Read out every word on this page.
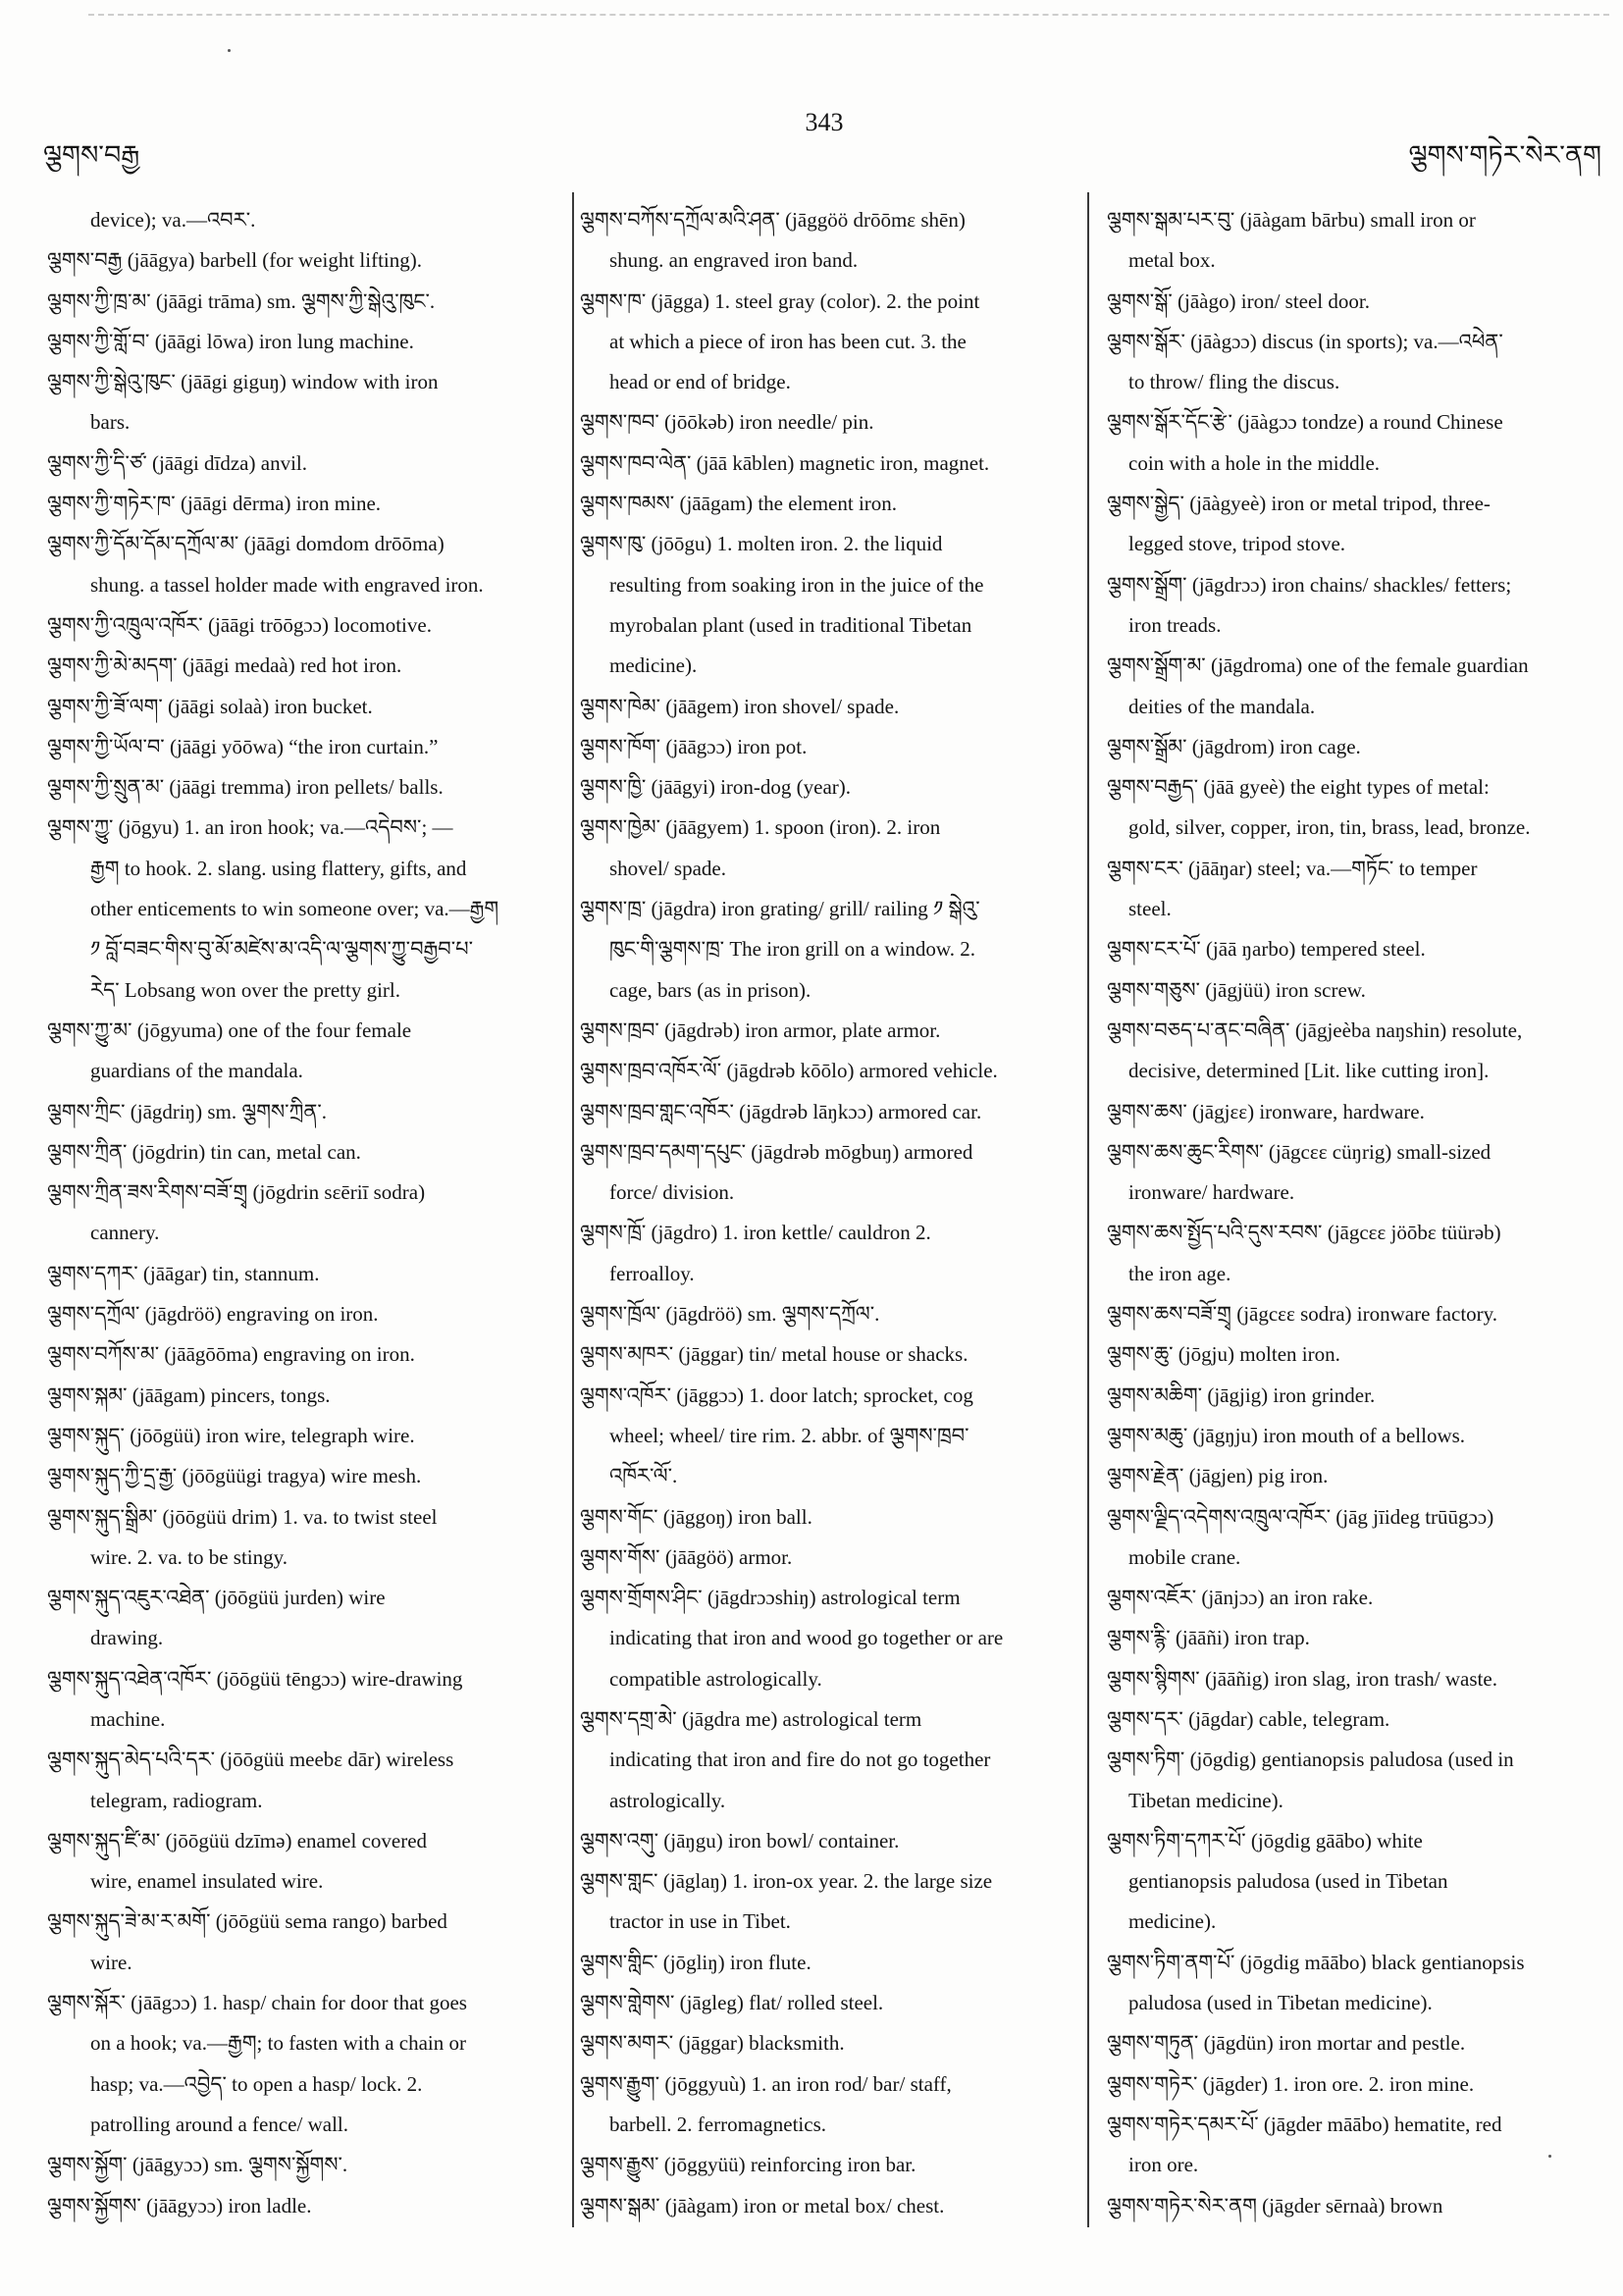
ལྕགས་བརྒྱ
343
ལྕགས་གཏེར་སེར་ནག
device); va.—འབར་.
ལྕགས་བརྒྱ (jāāgya) barbell (for weight lifting).
ལྕགས་ཀྱི་ཁྲ་མ་ (jāāgi trāma) sm. ལྕགས་ཀྱི་སྒེའུ་ཁུང་.
ལྕགས་ཀྱི་གློ་བ་ (jāāgi lōwa) iron lung machine.
ལྕགས་ཀྱི་སྒེའུ་ཁུང་ (jāāgi giguŋ) window with iron
bars.
ལྕགས་ཀྱི་དི་ཙ་ (jāāgi dīdza) anvil.
ལྕགས་ཀྱི་གཏེར་ཁ་ (jāāgi dērma) iron mine.
ལྕགས་ཀྱི་དོམ་དོམ་དཀྲོལ་མ་ (jāāgi domdom drōōma)
shung. a tassel holder made with engraved iron.
ལྕགས་ཀྱི་འཁྲུལ་འཁོར་ (jāāgi trōōgɔɔ) locomotive.
ལྕགས་ཀྱི་མེ་མདག་ (jāāgi medaà) red hot iron.
ལྕགས་ཀྱི་ཟོ་ལག་ (jāāgi solaà) iron bucket.
ལྕགས་ཀྱི་ཡོལ་བ་ (jāāgi yōōwa) “the iron curtain.”
ལྕགས་ཀྱི་སྲུན་མ་ (jāāgi tremma) iron pellets/ balls.
ལྕགས་ཀྱུ་ (jōgyu) 1. an iron hook; va.—འདེབས་; —
རྒྱག to hook. 2. slang. using flattery, gifts, and
other enticements to win someone over; va.—རྒྱག
༡ བློ་བཟང་གིས་བུ་མོ་མཛེས་མ་འདི་ལ་ལྕགས་ཀྱུ་བརྒྱབ་པ་
རེད་ Lobsang won over the pretty girl.
ལྕགས་ཀྱུ་མ་ (jōgyuma) one of the four female
guardians of the mandala.
ལྕགས་ཀྲིང་ (jāgdriŋ) sm. ལྕགས་ཀྲིན་.
ལྕགས་ཀྲིན་ (jōgdrin) tin can, metal can.
ལྕགས་ཀྲིན་ཟས་རིགས་བཟོ་གྲྭ (jōgdrin sɛēriī sodra)
cannery.
ལྕགས་དཀར་ (jāāgar) tin, stannum.
ལྕགས་དཀྲོལ་ (jāgdröö) engraving on iron.
ལྕགས་བཀོས་མ་ (jāāgōōma) engraving on iron.
ལྕགས་སྐམ་ (jāāgam) pincers, tongs.
ལྕགས་སྐུད་ (jōōgüü) iron wire, telegraph wire.
ལྕགས་སྐུད་ཀྱི་དྲ་རྒྱ་ (jōōgüügi tragya) wire mesh.
ལྕགས་སྐུད་སྒྲིམ་ (jōōgüü drim) 1. va. to twist steel
wire. 2. va. to be stingy.
ལྕགས་སྐུད་འཇུར་འཐེན་ (jōōgüü jurden) wire
drawing.
ལྕགས་སྐུད་འཐེན་འཁོར་ (jōōgüü tēngɔɔ) wire-drawing
machine.
ལྕགས་སྐུད་མེད་པའི་དར་ (jōōgüü meebɛ dār) wireless
telegram, radiogram.
ལྕགས་སྐུད་ཛི་མ་ (jōōgüü dzīmə) enamel covered
wire, enamel insulated wire.
ལྕགས་སྐུད་ཟེ་མ་ར་མགོ་ (jōōgüü sema rango) barbed
wire.
ལྕགས་སྐོར་ (jāāgɔɔ) 1. hasp/ chain for door that goes
on a hook; va.—རྒྱག; to fasten with a chain or
hasp; va.—འབྱེད་ to open a hasp/ lock. 2.
patrolling around a fence/ wall.
ལྕགས་སྐྱོག་ (jāāgyɔɔ) sm. ལྕགས་སྐྱོགས་.
ལྕགས་སྐྱོགས་ (jāāgyɔɔ) iron ladle.
ལྕགས་བཀོས་དཀྲོལ་མའི་ཤན་ (jāggöö drōōmɛ shēn)
shung. an engraved iron band.
ལྕགས་ཁ་ (jāgga) 1. steel gray (color). 2. the point
at which a piece of iron has been cut. 3. the
head or end of bridge.
ལྕགས་ཁབ་ (jōōkəb) iron needle/ pin.
ལྕགས་ཁབ་ལེན་ (jāā kāblen) magnetic iron, magnet.
ལྕགས་ཁམས་ (jāāgam) the element iron.
ལྕགས་ཁུ་ (jōōgu) 1. molten iron. 2. the liquid
resulting from soaking iron in the juice of the
myrobalan plant (used in traditional Tibetan
medicine).
ལྕགས་ཁེམ་ (jāāgem) iron shovel/ spade.
ལྕགས་ཁོག་ (jāāgɔɔ) iron pot.
ལྕགས་ཁྱི་ (jāāgyi) iron-dog (year).
ལྕགས་ཁྱེམ་ (jāāgyem) 1. spoon (iron). 2. iron
shovel/ spade.
ལྕགས་ཁྲ་ (jāgdra) iron grating/ grill/ railing ༡ སྒེའུ་
ཁུང་གི་ལྕགས་ཁྲ་ The iron grill on a window. 2.
cage, bars (as in prison).
ལྕགས་ཁྲབ་ (jāgdrəb) iron armor, plate armor.
ལྕགས་ཁྲབ་འཁོར་ལོ་ (jāgdrəb kōōlo) armored vehicle.
ལྕགས་ཁྲབ་གླང་འཁོར་ (jāgdrəb lāŋkɔɔ) armored car.
ལྕགས་ཁྲབ་དམག་དཔུང་ (jāgdrəb mōgbuŋ) armored
force/ division.
ལྕགས་ཁྲོ་ (jāgdro) 1. iron kettle/ cauldron 2.
ferroalloy.
ལྕགས་ཁྲོལ་ (jāgdröö) sm. ལྕགས་དཀྲོལ་.
ལྕགས་མཁར་ (jāggar) tin/ metal house or shacks.
ལྕགས་འཁོར་ (jāggɔɔ) 1. door latch; sprocket, cog
wheel; wheel/ tire rim. 2. abbr. of ལྕགས་ཁྲབ་
འཁོར་ལོ་.
ལྕགས་གོང་ (jāggoŋ) iron ball.
ལྕགས་གོས་ (jāāgöö) armor.
ལྕགས་གྲོགས་ཤིང་ (jāgdrɔɔshiŋ) astrological term
indicating that iron and wood go together or are
compatible astrologically.
ལྕགས་དགྲ་མེ་ (jāgdra me) astrological term
indicating that iron and fire do not go together
astrologically.
ལྕགས་འགུ་ (jāŋgu) iron bowl/ container.
ལྕགས་གླང་ (jāglaŋ) 1. iron-ox year. 2. the large size
tractor in use in Tibet.
ལྕགས་གླིང་ (jōgliŋ) iron flute.
ལྕགས་གླེགས་ (jāgleg) flat/ rolled steel.
ལྕགས་མགར་ (jāggar) blacksmith.
ལྕགས་རྒྱུག་ (jōggyuù) 1. an iron rod/ bar/ staff,
barbell. 2. ferromagnetics.
ལྕགས་རྒྱུས་ (jōggyüü) reinforcing iron bar.
ལྕགས་སྒམ་ (jāàgam) iron or metal box/ chest.
ལྕགས་སྒམ་པར་བུ་ (jāàgam bārbu) small iron or
metal box.
ལྕགས་སྒོ་ (jāàgo) iron/ steel door.
ལྕགས་སྒོར་ (jāàgɔɔ) discus (in sports); va.—འཕེན་
to throw/ fling the discus.
ལྕགས་སྒོར་དོང་རྩེ་ (jāàgɔɔ tondze) a round Chinese
coin with a hole in the middle.
ལྕགས་སྒྱེད་ (jāàgyeè) iron or metal tripod, three-
legged stove, tripod stove.
ལྕགས་སྒྲོག་ (jāgdrɔɔ) iron chains/ shackles/ fetters;
iron treads.
ལྕགས་སྒྲོག་མ་ (jāgdroma) one of the female guardian
deities of the mandala.
ལྕགས་སྒྲོམ་ (jāgdrom) iron cage.
ལྕགས་བརྒྱད་ (jāā gyeè) the eight types of metal:
gold, silver, copper, iron, tin, brass, lead, bronze.
ལྕགས་ངར་ (jāāŋar) steel; va.—གཏོང་ to temper
steel.
ལྕགས་ངར་པོ་ (jāā ŋarbo) tempered steel.
ལྕགས་གཅུས་ (jāgjüü) iron screw.
ལྕགས་བཅད་པ་ནང་བཞིན་ (jāgjeèba naŋshin) resolute,
decisive, determined [Lit. like cutting iron].
ལྕགས་ཆས་ (jāgjɛɛ) ironware, hardware.
ལྕགས་ཆས་ཆུང་རིགས་ (jāgcɛɛ cüŋrig) small-sized
ironware/ hardware.
ལྕགས་ཆས་སྤྱོད་པའི་དུས་རབས་ (jāgcɛɛ jöōbɛ tüürəb)
the iron age.
ལྕགས་ཆས་བཟོ་གྲྭ (jāgcɛɛ sodra) ironware factory.
ལྕགས་ཆུ་ (jōgju) molten iron.
ལྕགས་མཆིག་ (jāgjig) iron grinder.
ལྕགས་མཆུ་ (jāgŋju) iron mouth of a bellows.
ལྕགས་རྗེན་ (jāgjen) pig iron.
ལྕགས་ལྗིད་འདེགས་འཁྲུལ་འཁོར་ (jāg jīideg trūūgɔɔ)
mobile crane.
ལྕགས་འཇོར་ (jānjɔɔ) an iron rake.
ལྕགས་རྙི་ (jāāñi) iron trap.
ལྕགས་སྙིགས་ (jāāñig) iron slag, iron trash/ waste.
ལྕགས་དར་ (jāgdar) cable, telegram.
ལྕགས་ཏིག་ (jōgdig) gentianopsis paludosa (used in
Tibetan medicine).
ལྕགས་ཏིག་དཀར་པོ་ (jōgdig gāābo) white
gentianopsis paludosa (used in Tibetan
medicine).
ལྕགས་ཏིག་ནག་པོ་ (jōgdig māābo) black gentianopsis
paludosa (used in Tibetan medicine).
ལྕགས་གཏུན་ (jāgdün) iron mortar and pestle.
ལྕགས་གཏེར་ (jāgder) 1. iron ore. 2. iron mine.
ལྕགས་གཏེར་དམར་པོ་ (jāgder māābo) hematite, red
iron ore.
ལྕགས་གཏེར་སེར་ནག (jāgder sērnaà) brown
